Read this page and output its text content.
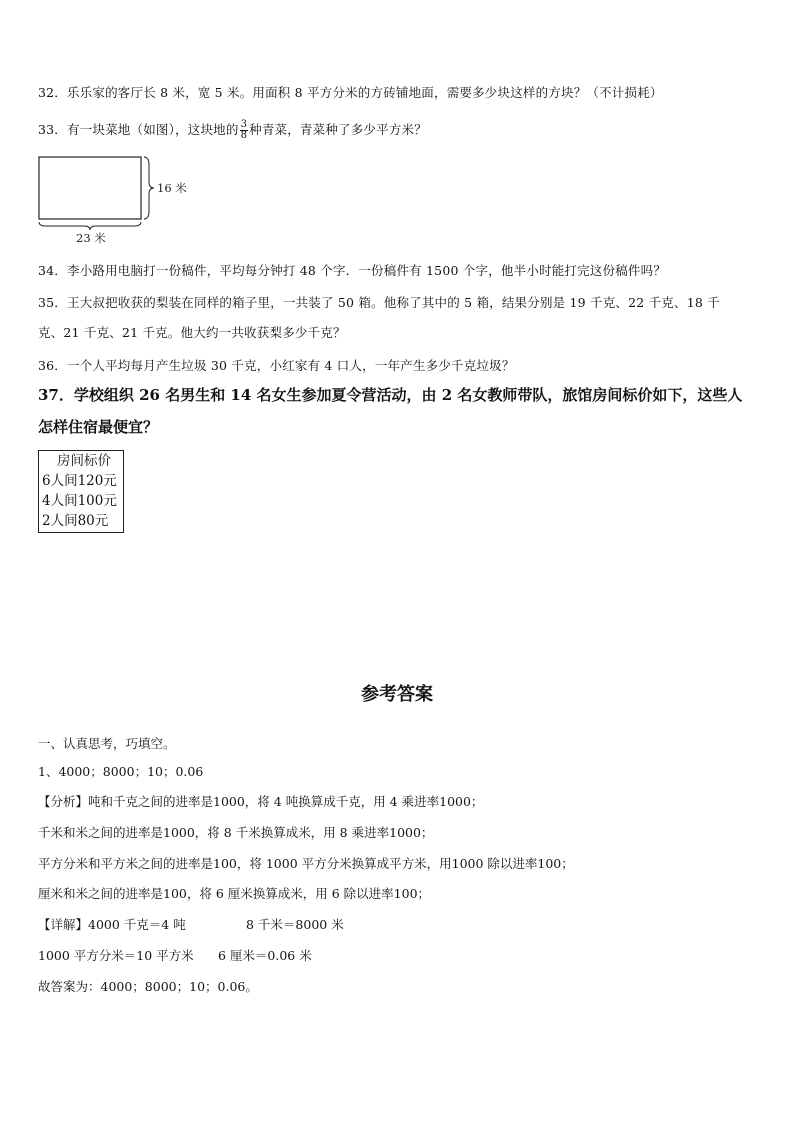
32．乐乐家的客厅长 8 米，宽 5 米。用面积 8 平方分米的方砖铺地面，需要多少块这样的方块？（不计损耗）
33．有一块菜地（如图），这块地的 $\frac{3}{8}$ 种青菜，青菜种了多少平方米？
16 米
23 米
34．李小路用电脑打一份稿件，平均每分钟打 48 个字．一份稿件有 1500 个字，他半小时能打完这份稿件吗？
35．王大叔把收获的梨装在同样的箱子里，一共装了 50 箱。他称了其中的 5 箱，结果分别是 19 千克、22 千克、18 千
克、21 千克、21 千克。他大约一共收获梨多少千克？
36．一个人平均每月产生垃圾 30 千克，小红家有 4 口人，一年产生多少千克垃圾？
37．学校组织 26 名男生和 14 名女生参加夏令营活动，由 2 名女教师带队，旅馆房间标价如下，这些人
怎样住宿最便宜？
房间标价
6人间120元
4人间100元
2人间80元
参考答案
一、认真思考，巧填空。
1、4000；8000；10；0.06
【分析】吨和千克之间的进率是1000，将 4 吨换算成千克，用 4 乘进率1000；
千米和米之间的进率是1000，将 8 千米换算成米，用 8 乘进率1000；
平方分米和平方米之间的进率是100，将 1000 平方分米换算成平方米，用1000 除以进率100；
厘米和米之间的进率是100，将 6 厘米换算成米，用 6 除以进率100；
【详解】4000 千克＝4 吨	8 千米＝8000 米
1000 平方分米＝10 平方米 6 厘米＝0.06 米
故答案为：4000；8000；10；0.06。
